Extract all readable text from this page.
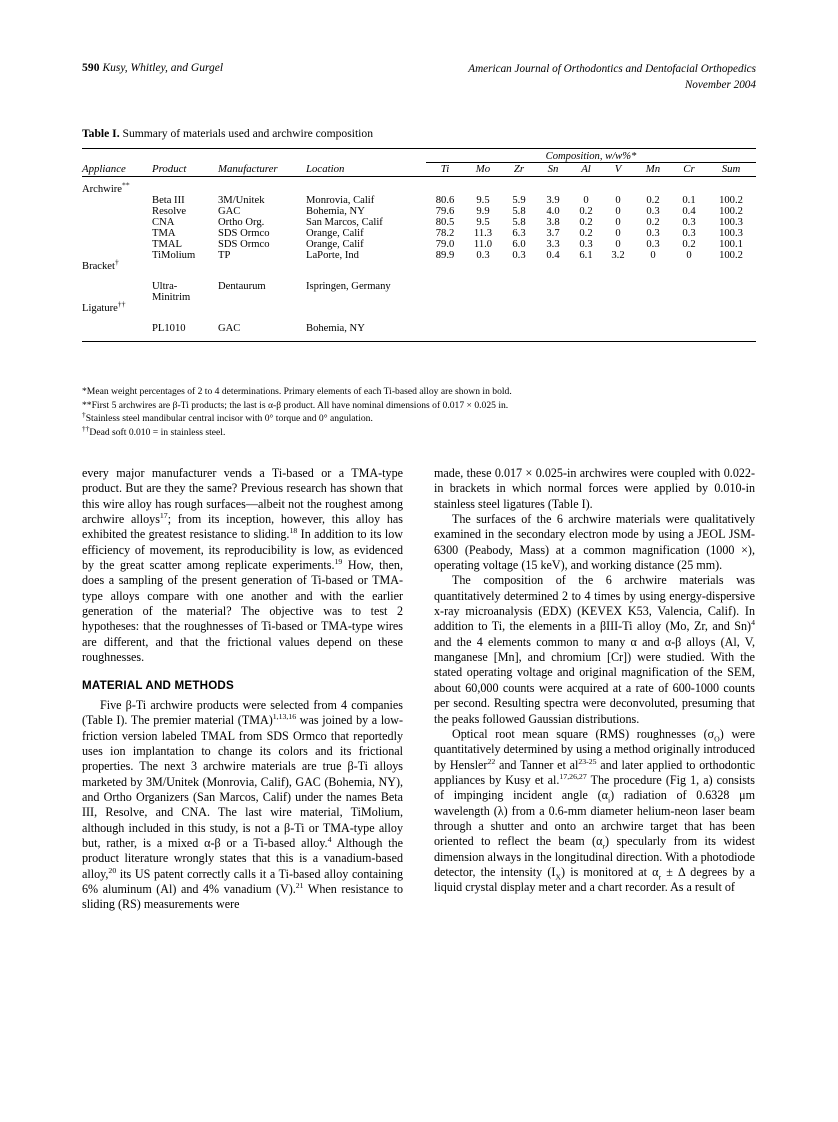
590 Kusy, Whitley, and Gurgel	American Journal of Orthodontics and Dentofacial Orthopedics
November 2004
Table I. Summary of materials used and archwire composition

				Composition, w/w%*								
Appliance	Product	Manufacturer	Location	Ti	Mo	Zr	Sn	Al	V	Mn	Cr	Sum

Archwire**
	Beta III	3M/Unitek	Monrovia, Calif	80.6	9.5	5.9	3.9	0	0	0.2	0.1	100.2
	Resolve	GAC	Bohemia, NY	79.6	9.9	5.8	4.0	0.2	0	0.3	0.4	100.2
	CNA	Ortho Org.	San Marcos, Calif	80.5	9.5	5.8	3.8	0.2	0	0.2	0.3	100.3
	TMA	SDS Ormco	Orange, Calif	78.2	11.3	6.3	3.7	0.2	0	0.3	0.3	100.3
	TMAL	SDS Ormco	Orange, Calif	79.0	11.0	6.0	3.3	0.3	0	0.3	0.2	100.1
	TiMolium	TP	LaPorte, Ind	89.9	0.3	0.3	0.4	6.1	3.2	0	0	100.2
Bracket†

	Ultra-	Dentaurum	Ispringen, Germany									
	Minitrim											
Ligature††

	PL1010	GAC	Bohemia, NY									

*Mean weight percentages of 2 to 4 determinations. Primary elements of each Ti-based alloy are shown in bold.
**First 5 archwires are β-Ti products; the last is α-β product. All have nominal dimensions of 0.017 × 0.025 in.
†Stainless steel mandibular central incisor with 0° torque and 0° angulation.
††Dead soft 0.010 = in stainless steel.

every major manufacturer vends a Ti-based or a TMA-type product. But are they the same? Previous research has shown that this wire alloy has rough surfaces—albeit not the roughest among archwire alloys$^{17}$; from its inception, however, this alloy has exhibited the greatest resistance to sliding.$^{18}$ In addition to its low efficiency of movement, its reproducibility is low, as evidenced by the great scatter among replicate experiments.$^{19}$ How, then, does a sampling of the present generation of Ti-based or TMA-type alloys compare with one another and with the earlier generation of the material? The objective was to test 2 hypotheses: that the roughnesses of Ti-based or TMA-type wires are different, and that the frictional values depend on these roughnesses.

MATERIAL AND METHODS

Five β-Ti archwire products were selected from 4 companies (Table I). The premier material (TMA)$^{1,13,16}$ was joined by a low-friction version labeled TMAL from SDS Ormco that reportedly uses ion implantation to change its colors and its frictional properties. The next 3 archwire materials are true β-Ti alloys marketed by 3M/Unitek (Monrovia, Calif), GAC (Bohemia, NY), and Ortho Organizers (San Marcos, Calif) under the names Beta III, Resolve, and CNA. The last wire material, TiMolium, although included in this study, is not a β-Ti or TMA-type alloy but, rather, is a mixed α-β or a Ti-based alloy.$^4$ Although the product literature wrongly states that this is a vanadium-based alloy,$^{20}$ its US patent correctly calls it a Ti-based alloy containing 6% aluminum (Al) and 4% vanadium (V).$^{21}$ When resistance to sliding (RS) measurements were

made, these 0.017 × 0.025-in archwires were coupled with 0.022-in brackets in which normal forces were applied by 0.010-in stainless steel ligatures (Table I).

The surfaces of the 6 archwire materials were qualitatively examined in the secondary electron mode by using a JEOL JSM-6300 (Peabody, Mass) at a common magnification (1000 ×), operating voltage (15 keV), and working distance (25 mm).

The composition of the 6 archwire materials was quantitatively determined 2 to 4 times by using energy-dispersive x-ray microanalysis (EDX) (KEVEX K53, Valencia, Calif). In addition to Ti, the elements in a βIII-Ti alloy (Mo, Zr, and Sn)$^4$ and the 4 elements common to many α and α-β alloys (Al, V, manganese [Mn], and chromium [Cr]) were studied. With the stated operating voltage and original magnification of the SEM, about 60,000 counts were acquired at a rate of 600-1000 counts per second. Resulting spectra were deconvoluted, presuming that the peaks followed Gaussian distributions.

Optical root mean square (RMS) roughnesses $(\sigma_O)$ were quantitatively determined by using a method originally introduced by Hensler$^{22}$ and Tanner et $al^{23-25}$ and later applied to orthodontic appliances by Kusy et al.$^{17,26,27}$ The procedure (Fig 1, a) consists of impinging incident angle $(\alpha_i)$ radiation of 0.6328 μm wavelength (λ) from a 0.6-mm diameter helium-neon laser beam through a shutter and onto an archwire target that has been oriented to reflect the beam $(\alpha_r)$ specularly from its widest dimension always in the longitudinal direction. With a photodiode detector, the intensity $(I_X)$ is monitored at $\alpha_r \pm \Delta$ degrees by a liquid crystal display meter and a chart recorder. As a result of
